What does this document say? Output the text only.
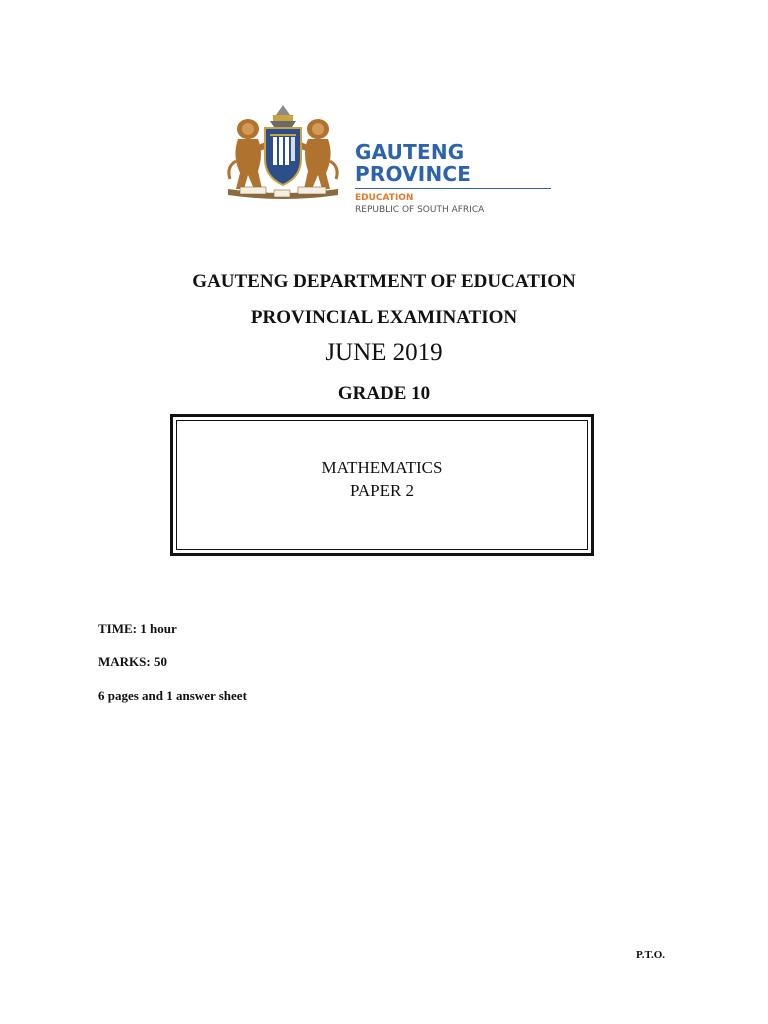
GAUTENG PROVINCE
EDUCATION
REPUBLIC OF SOUTH AFRICA
GAUTENG DEPARTMENT OF EDUCATION
PROVINCIAL EXAMINATION
JUNE 2019
GRADE 10
MATHEMATICS
PAPER 2
TIME: 1 hour
MARKS: 50
6 pages and 1 answer sheet
P.T.O.
